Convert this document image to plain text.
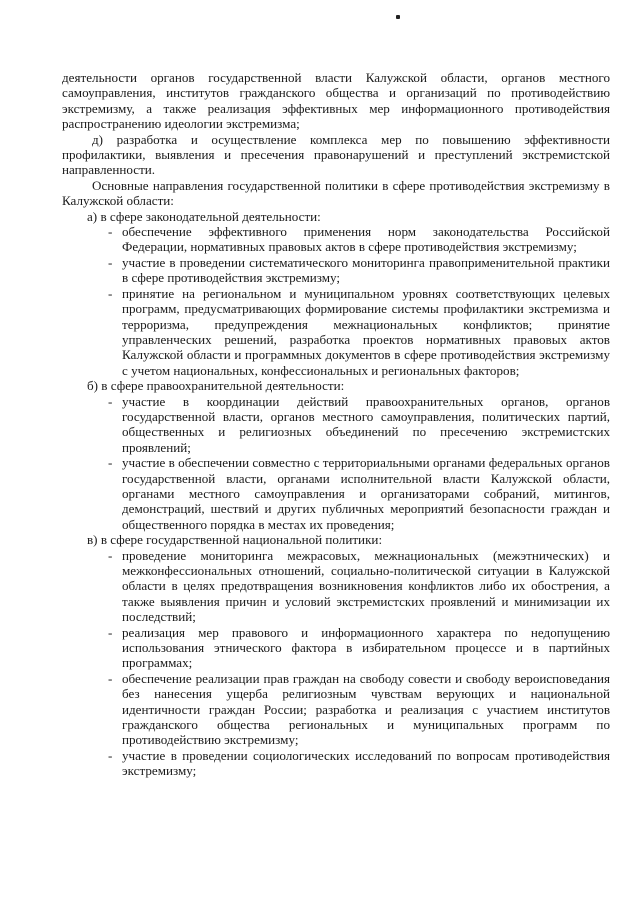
деятельности органов государственной власти Калужской области, органов местного самоуправления, институтов гражданского общества и организаций по противодействию экстремизму, а также реализация эффективных мер информационного противодействия распространению идеологии экстремизма;

д) разработка и осуществление комплекса мер по повышению эффективности профилактики, выявления и пресечения правонарушений и преступлений экстремистской направленности.

Основные направления государственной политики в сфере противодействия экстремизму в Калужской области:

а) в сфере законодательной деятельности:

- обеспечение эффективного применения норм законодательства Российской Федерации, нормативных правовых актов в сфере противодействия экстремизму;
- участие в проведении систематического мониторинга правоприменительной практики в сфере противодействия экстремизму;
- принятие на региональном и муниципальном уровнях соответствующих целевых программ, предусматривающих формирование системы профилактики экстремизма и терроризма, предупреждения межнациональных конфликтов; принятие управленческих решений, разработка проектов нормативных правовых актов Калужской области и программных документов в сфере противодействия экстремизму с учетом национальных, конфессиональных и региональных факторов;

б) в сфере правоохранительной деятельности:

- участие в координации действий правоохранительных органов, органов государственной власти, органов местного самоуправления, политических партий, общественных и религиозных объединений по пресечению экстремистских проявлений;
- участие в обеспечении совместно с территориальными органами федеральных органов государственной власти, органами исполнительной власти Калужской области, органами местного самоуправления и организаторами собраний, митингов, демонстраций, шествий и других публичных мероприятий безопасности граждан и общественного порядка в местах их проведения;

в) в сфере государственной национальной политики:

- проведение мониторинга межрасовых, межнациональных (межэтнических) и межконфессиональных отношений, социально-политической ситуации в Калужской области в целях предотвращения возникновения конфликтов либо их обострения, а также выявления причин и условий экстремистских проявлений и минимизации их последствий;
- реализация мер правового и информационного характера по недопущению использования этнического фактора в избирательном процессе и в партийных программах;
- обеспечение реализации прав граждан на свободу совести и свободу вероисповедания без нанесения ущерба религиозным чувствам верующих и национальной идентичности граждан России; разработка и реализация с участием институтов гражданского общества региональных и муниципальных программ по противодействию экстремизму;
- участие в проведении социологических исследований по вопросам противодействия экстремизму;
